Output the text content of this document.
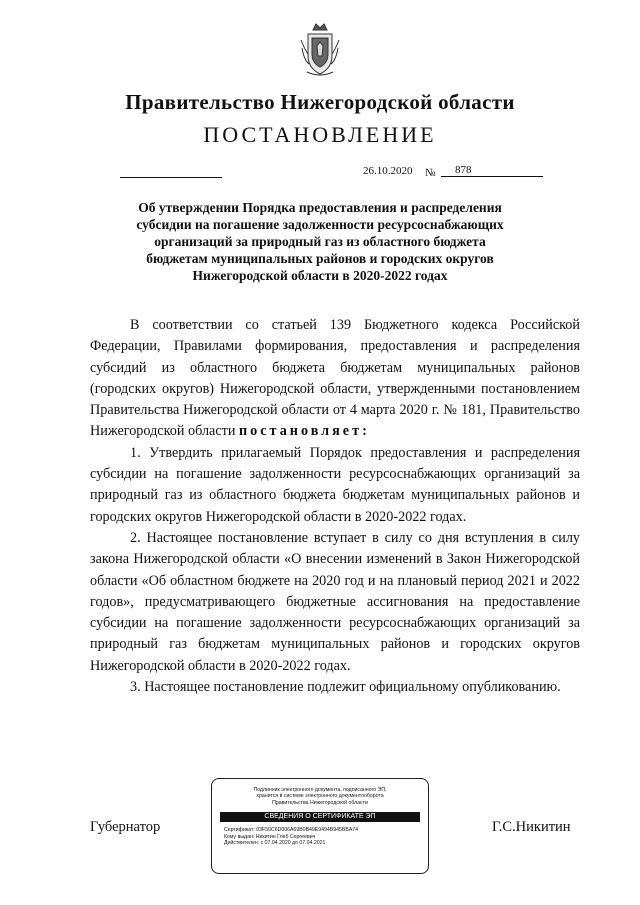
Правительство Нижегородской области
ПОСТАНОВЛЕНИЕ
26.10.2020 №	878
Об утверждении Порядка предоставления и распределения
субсидии на погашение задолженности ресурсоснабжающих
организаций за природный газ из областного бюджета
бюджетам муниципальных районов и городских округов
Нижегородской области в 2020-2022 годах

В соответствии со статьей 139 Бюджетного кодекса Российской Федерации, Правилами формирования, предоставления и распределения субсидий из областного бюджета бюджетам муниципальных районов (городских округов) Нижегородской области, утвержденными постановлением Правительства Нижегородской области от 4 марта 2020 г. № 181, Правительство Нижегородской области постановляет:

1. Утвердить прилагаемый Порядок предоставления и распределения субсидии на погашение задолженности ресурсоснабжающих организаций за природный газ из областного бюджета бюджетам муниципальных районов и городских округов Нижегородской области в 2020-2022 годах.

2. Настоящее постановление вступает в силу со дня вступления в силу закона Нижегородской области «О внесении изменений в Закон Нижегородской области «Об областном бюджете на 2020 год и на плановый период 2021 и 2022 годов», предусматривающего бюджетные ассигнования на предоставление субсидии на погашение задолженности ресурсоснабжающих организаций за природный газ бюджетам муниципальных районов и городских округов Нижегородской области в 2020-2022 годах.

3. Настоящее постановление подлежит официальному опубликованию.

Губернатор	Г.С.Никитин
Подлинник электронного документа, подписанного ЭП,
хранится в системе электронного документооборота
Правительства Нижегородской области
СВЕДЕНИЯ О СЕРТИФИКАТЕ ЭП
Сертификат: 03F50C6D006A69B0B49E9494B945BBA74
Кому выдан: Никитин Глеб Сергеевич
Действителен: с 07.04.2020 до 07.04.2021
